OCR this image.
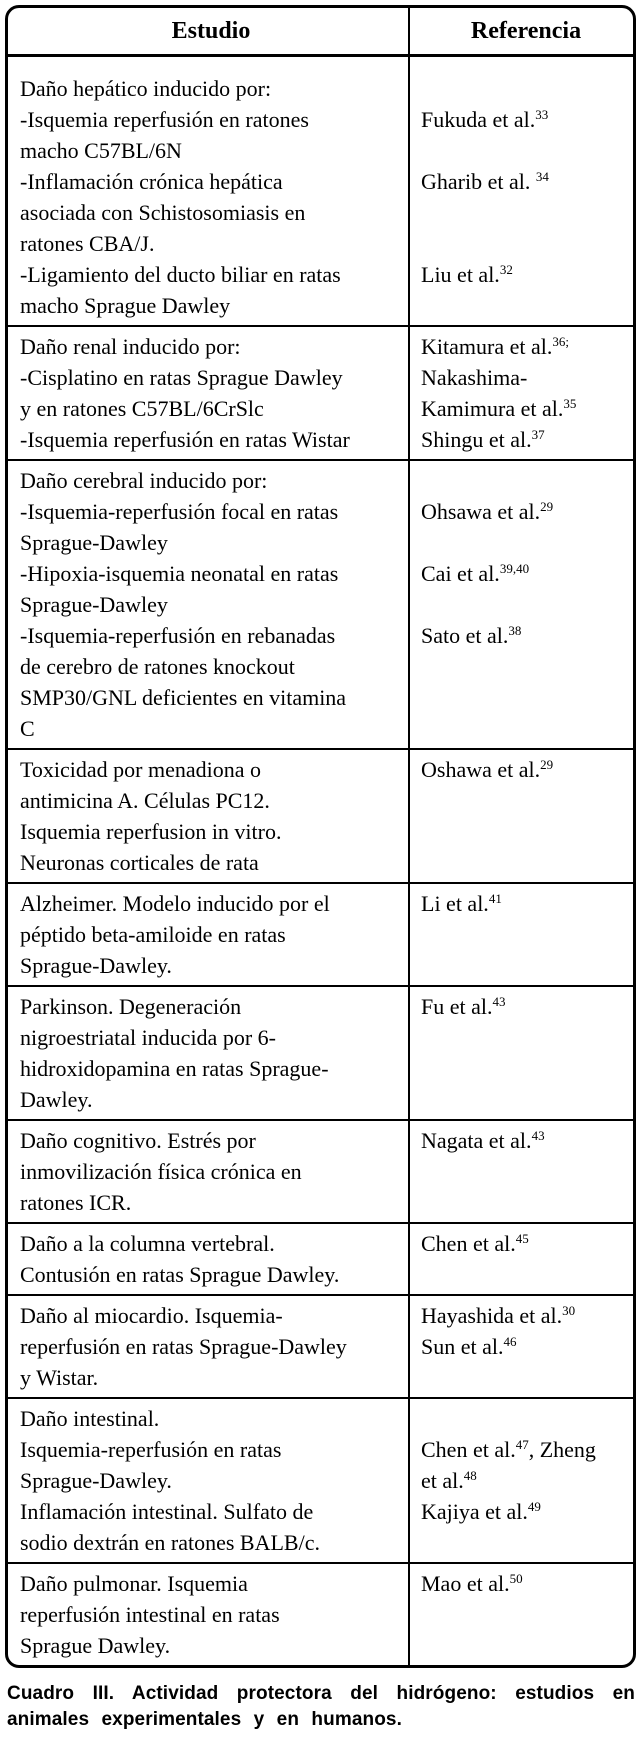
Estudio	Referencia
Daño hepático inducido por:
-Isquemia reperfusión en ratones
macho C57BL/6N
-Inflamación crónica hepática
asociada con Schistosomiasis en
ratones CBA/J.
-Ligamiento del ducto biliar en ratas
macho Sprague Dawley

Fukuda et al.$^{33}$

Gharib et al. $^{34}$

Liu et al.$^{32}$

Daño renal inducido por:
-Cisplatino en ratas Sprague Dawley
y en ratones C57BL/6CrSlc
-Isquemia reperfusión en ratas Wistar
Kitamura et al.$^{36;}$
Nakashima-
Kamimura et al.$^{35}$
Shingu et al.$^{37}$
Daño cerebral inducido por:
-Isquemia-reperfusión focal en ratas
Sprague-Dawley
-Hipoxia-isquemia neonatal en ratas
Sprague-Dawley
-Isquemia-reperfusión en rebanadas
de cerebro de ratones knockout
SMP30/GNL deficientes en vitamina
C

Ohsawa et al.$^{29}$

Cai et al.$^{39,40}$

Sato et al.$^{38}$

Toxicidad por menadiona o
antimicina A. Células PC12.
Isquemia reperfusion in vitro.
Neuronas corticales de rata
Oshawa et al.$^{29}$

Alzheimer. Modelo inducido por el
péptido beta-amiloide en ratas
Sprague-Dawley.
Li et al.$^{41}$

Parkinson. Degeneración
nigroestriatal inducida por 6-
hidroxidopamina en ratas Sprague-
Dawley.
Fu et al.$^{43}$

Daño cognitivo. Estrés por
inmovilización física crónica en
ratones ICR.
Nagata et al.$^{43}$

Daño a la columna vertebral.
Contusión en ratas Sprague Dawley.
Chen et al.$^{45}$

Daño al miocardio. Isquemia-
reperfusión en ratas Sprague-Dawley
y Wistar.
Hayashida et al.$^{30}$
Sun et al.$^{46}$

Daño intestinal.
Isquemia-reperfusión en ratas
Sprague-Dawley.
Inflamación intestinal. Sulfato de
sodio dextrán en ratones BALB/c.

Chen et al.$^{47}$, Zheng
et al.$^{48}$
Kajiya et al.$^{49}$

Daño pulmonar. Isquemia
reperfusión intestinal en ratas
Sprague Dawley.
Mao et al.$^{50}$

Cuadro III. Actividad protectora del hidrógeno: estudios en
animales experimentales y en humanos.
